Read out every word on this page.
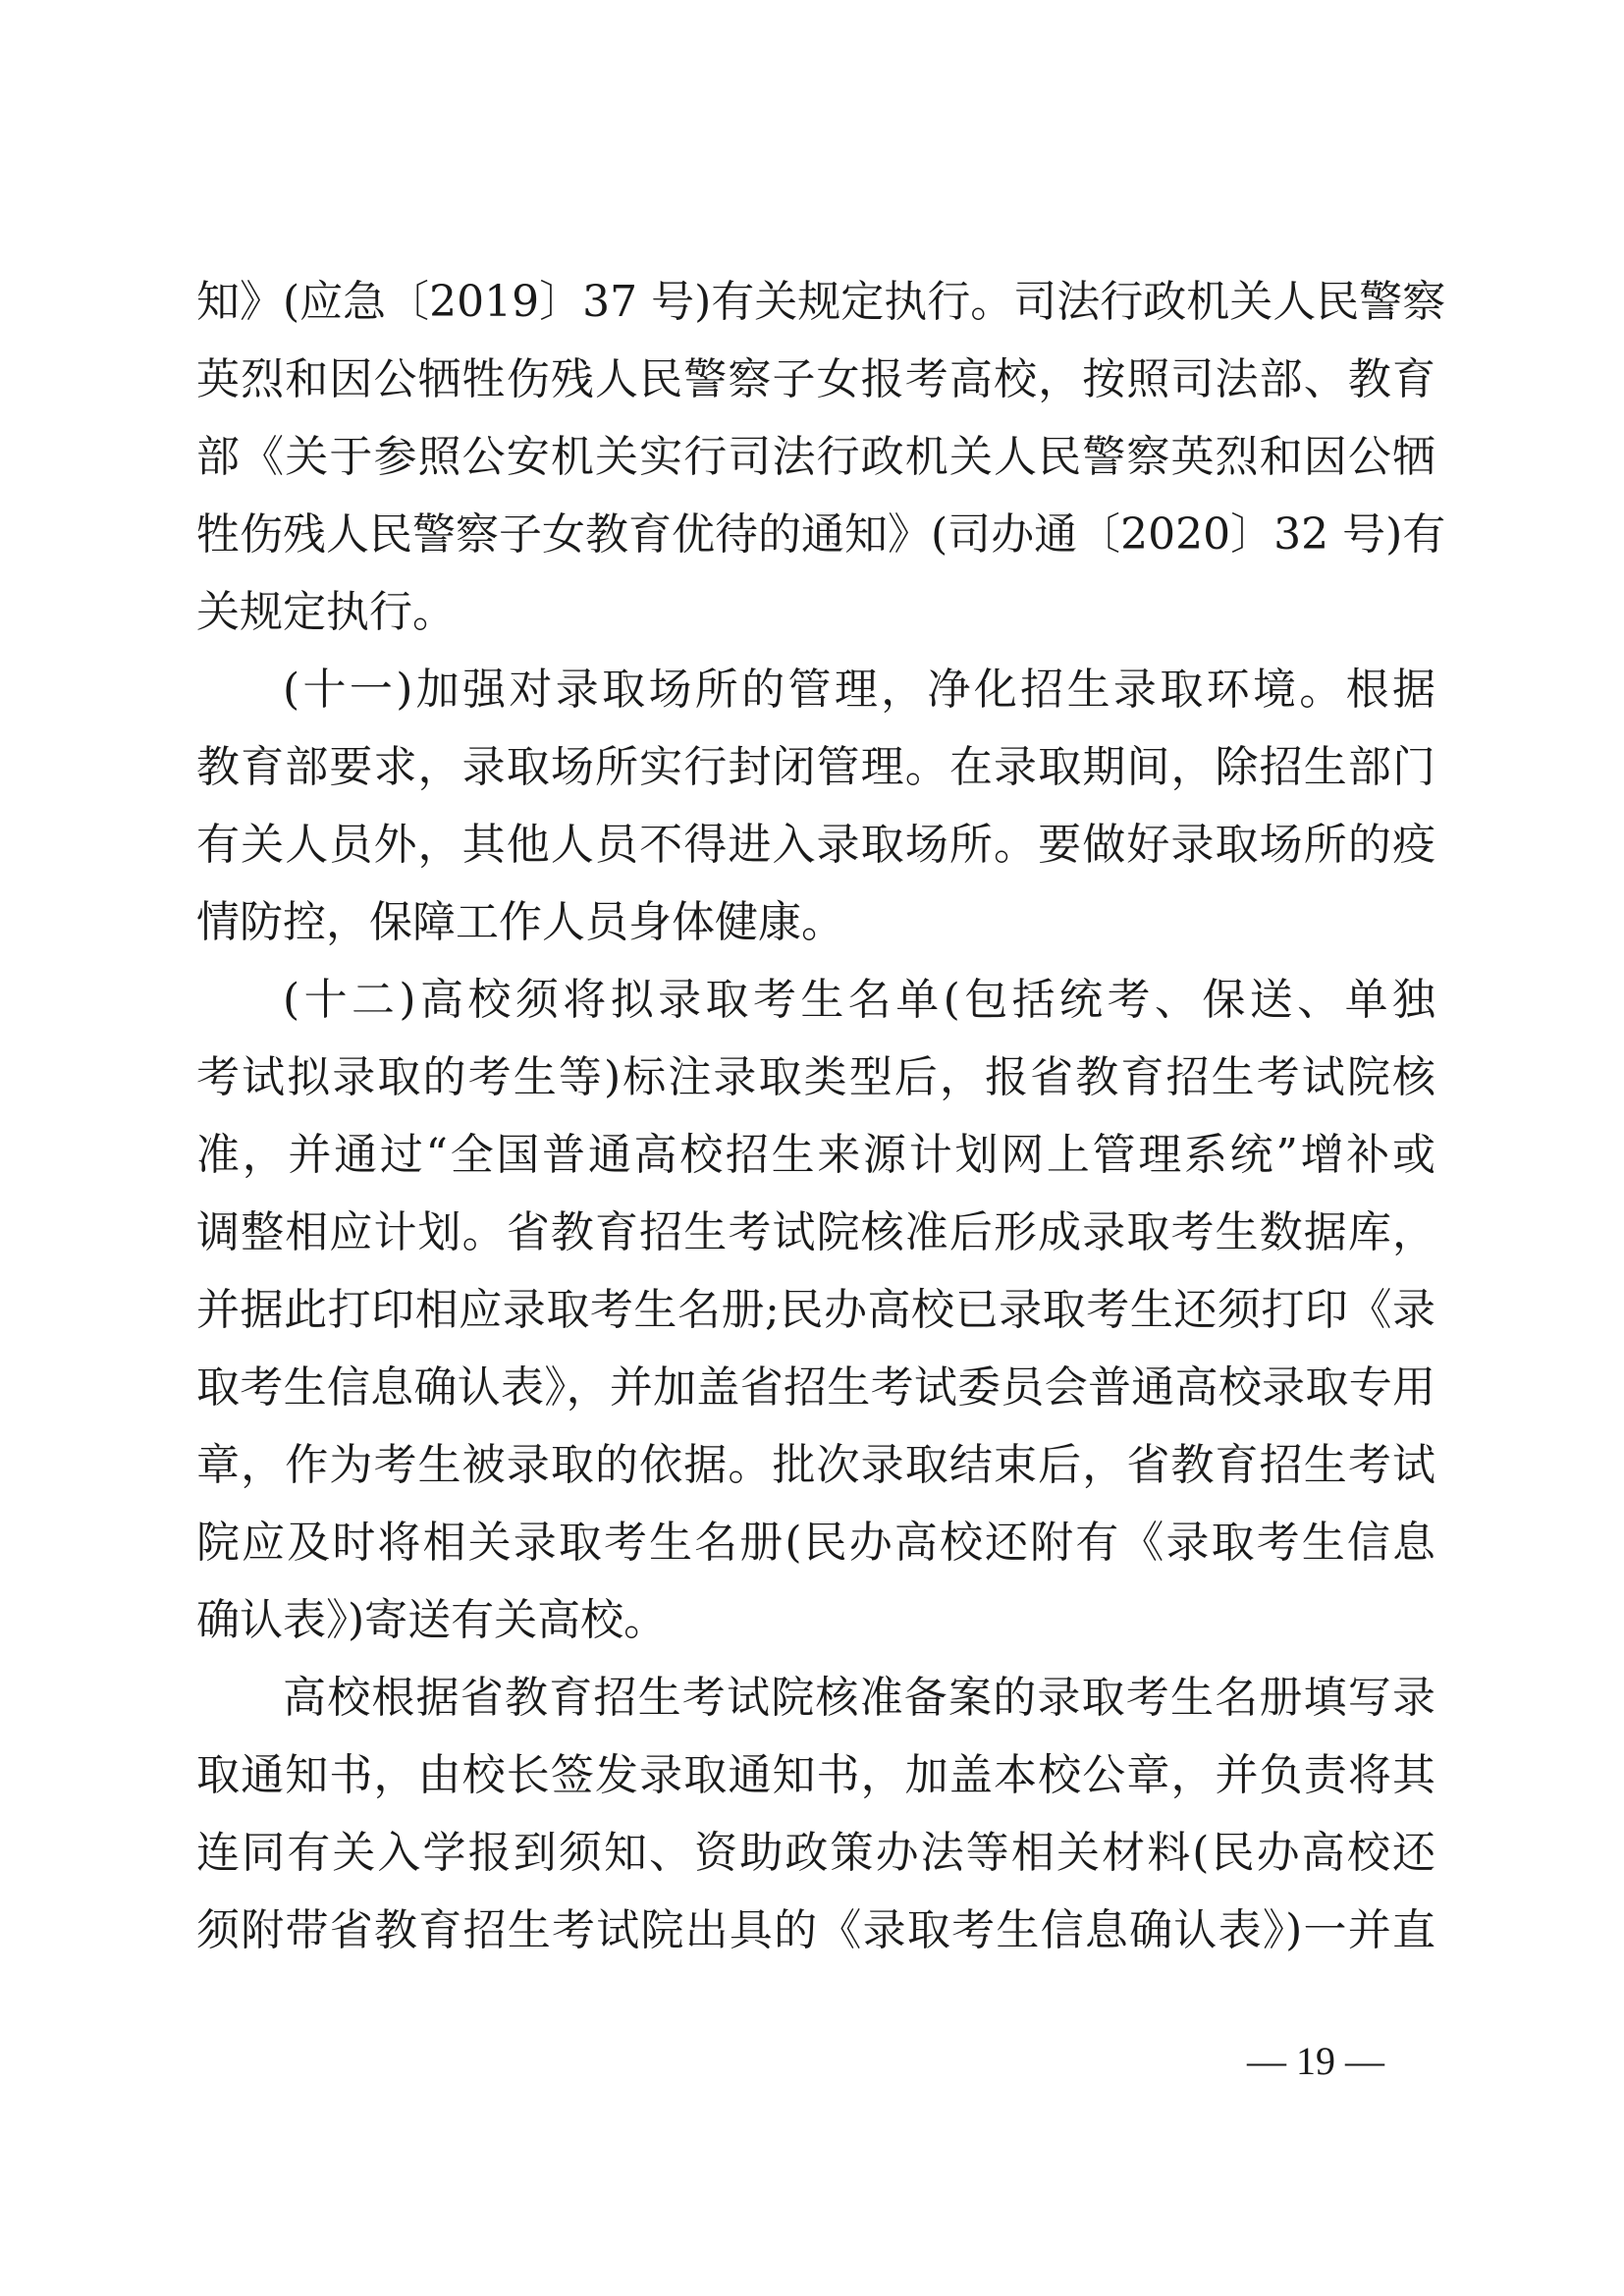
知》(应急〔2019〕37 号)有关规定执行。司法行政机关人民警察
英烈和因公牺牲伤残人民警察子女报考高校，按照司法部、教育
部《关于参照公安机关实行司法行政机关人民警察英烈和因公牺
牲伤残人民警察子女教育优待的通知》(司办通〔2020〕32 号)有
关规定执行。
(十一)加强对录取场所的管理，净化招生录取环境。根据
教育部要求，录取场所实行封闭管理。在录取期间，除招生部门
有关人员外，其他人员不得进入录取场所。要做好录取场所的疫
情防控，保障工作人员身体健康。
(十二)高校须将拟录取考生名单(包括统考、保送、单独
考试拟录取的考生等)标注录取类型后，报省教育招生考试院核
准，并通过“全国普通高校招生来源计划网上管理系统”增补或
调整相应计划。省教育招生考试院核准后形成录取考生数据库，
并据此打印相应录取考生名册;民办高校已录取考生还须打印《录
取考生信息确认表》，并加盖省招生考试委员会普通高校录取专用
章，作为考生被录取的依据。批次录取结束后，省教育招生考试
院应及时将相关录取考生名册(民办高校还附有《录取考生信息
确认表》)寄送有关高校。
高校根据省教育招生考试院核准备案的录取考生名册填写录
取通知书，由校长签发录取通知书，加盖本校公章，并负责将其
连同有关入学报到须知、资助政策办法等相关材料(民办高校还
须附带省教育招生考试院出具的《录取考生信息确认表》)一并直
— 19 —
